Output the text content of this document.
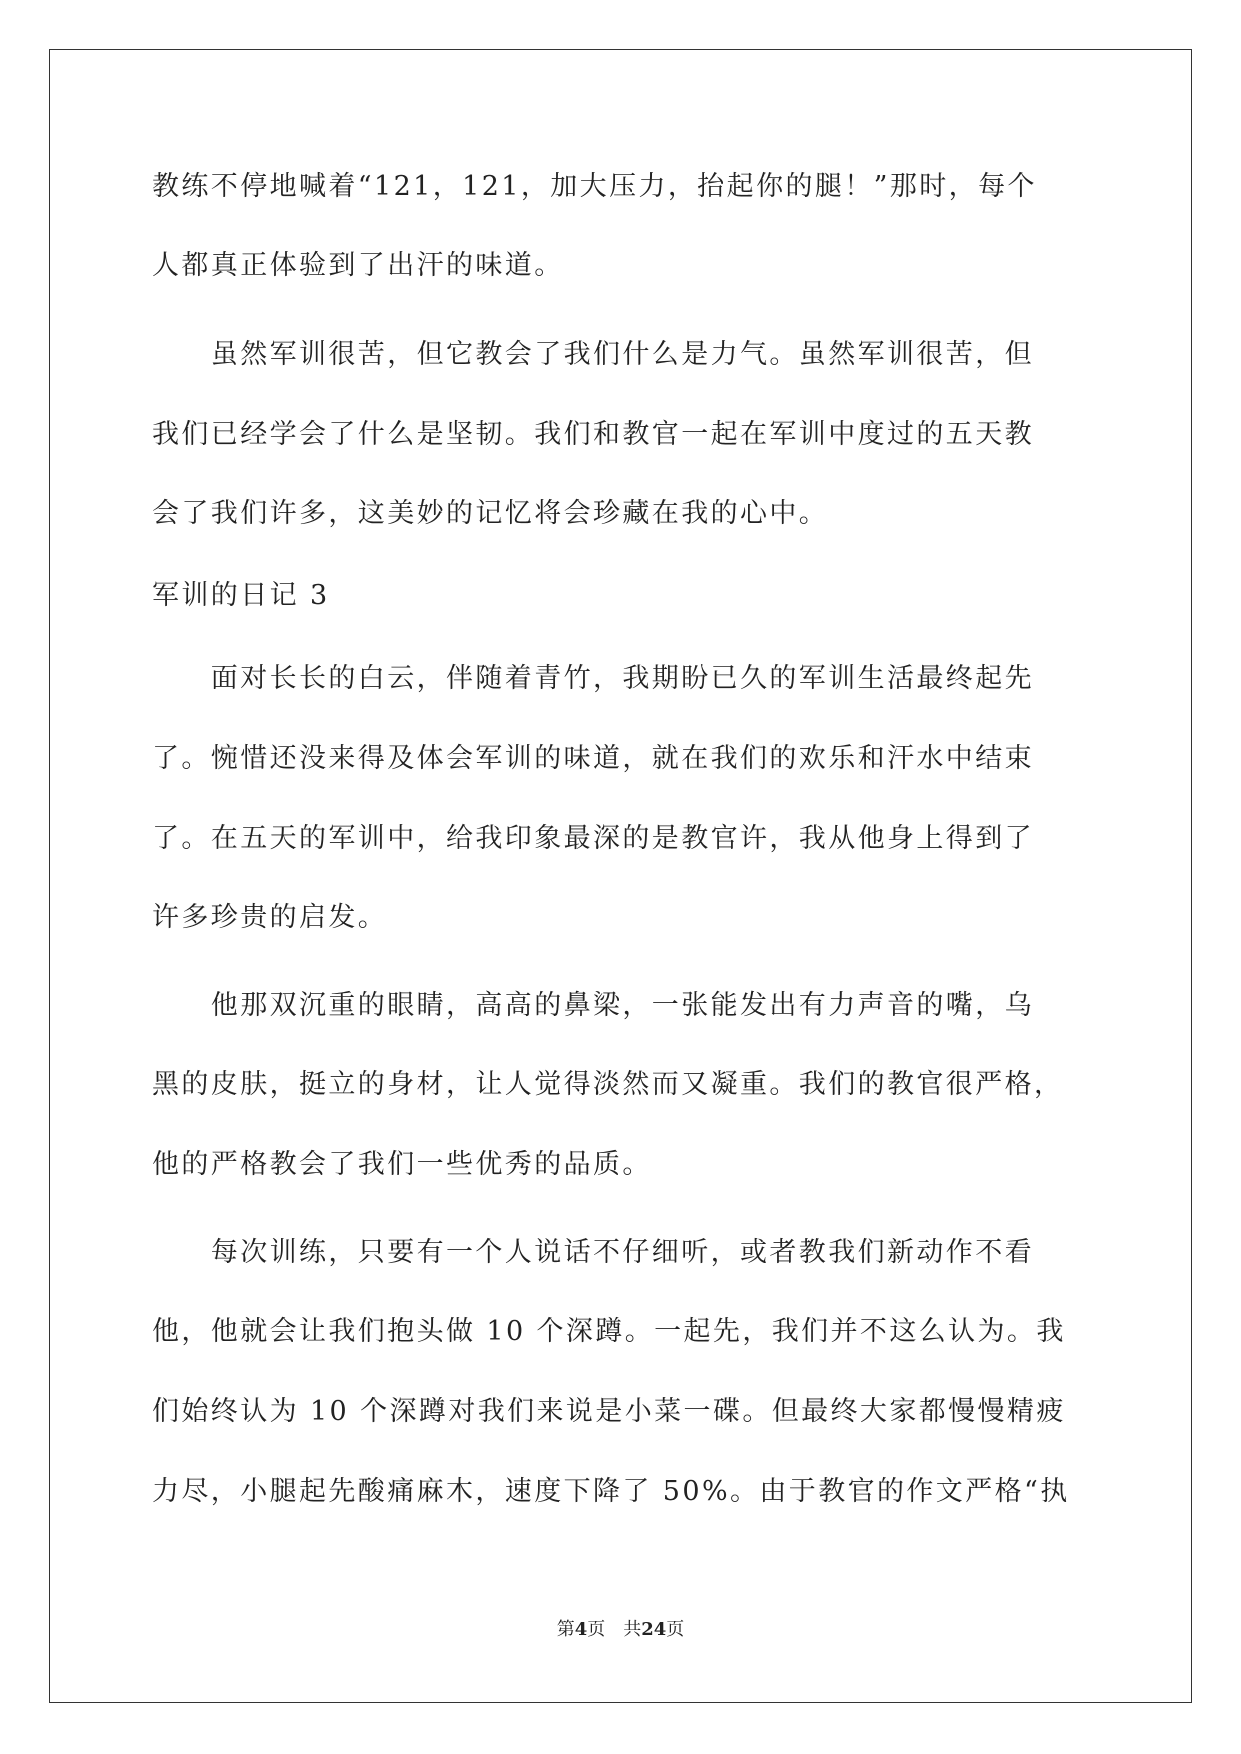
教练不停地喊着“121，121，加大压力，抬起你的腿！”那时，每个
人都真正体验到了出汗的味道。
　　虽然军训很苦，但它教会了我们什么是力气。虽然军训很苦，但
我们已经学会了什么是坚韧。我们和教官一起在军训中度过的五天教
会了我们许多，这美妙的记忆将会珍藏在我的心中。
军训的日记 3
　　面对长长的白云，伴随着青竹，我期盼已久的军训生活最终起先
了。惋惜还没来得及体会军训的味道，就在我们的欢乐和汗水中结束
了。在五天的军训中，给我印象最深的是教官许，我从他身上得到了
许多珍贵的启发。
　　他那双沉重的眼睛，高高的鼻梁，一张能发出有力声音的嘴，乌
黑的皮肤，挺立的身材，让人觉得淡然而又凝重。我们的教官很严格，
他的严格教会了我们一些优秀的品质。
　　每次训练，只要有一个人说话不仔细听，或者教我们新动作不看
他，他就会让我们抱头做 10 个深蹲。一起先，我们并不这么认为。我
们始终认为 10 个深蹲对我们来说是小菜一碟。但最终大家都慢慢精疲
力尽，小腿起先酸痛麻木，速度下降了 50%。由于教官的作文严格“执
第4页 共24页
